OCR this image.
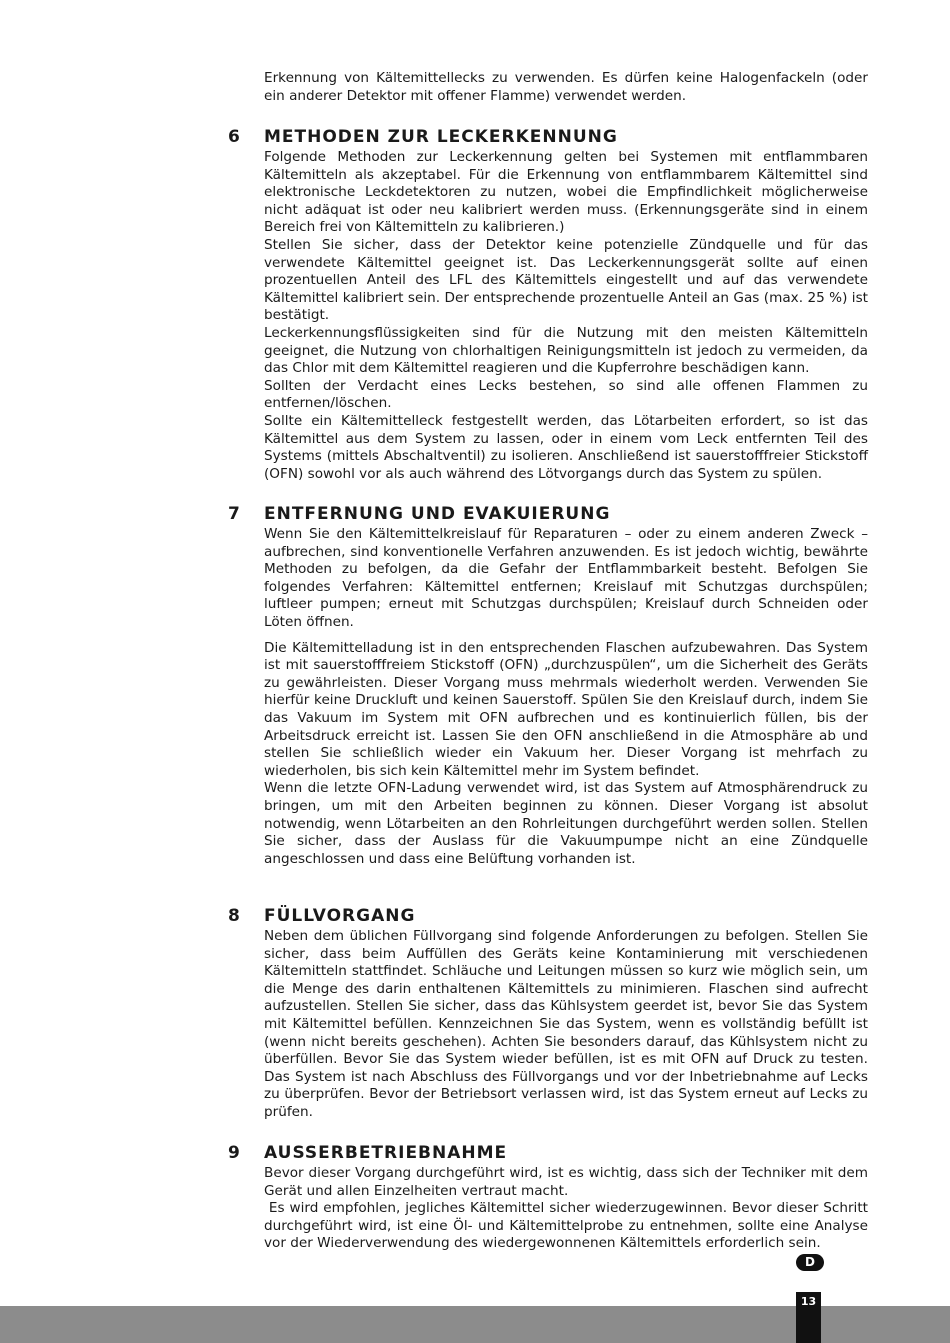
Erkennung von Kältemittellecks zu verwenden. Es dürfen keine Halogenfackeln (oder ein anderer Detektor mit offener Flamme) verwendet werden.

6 METHODEN ZUR LECKERKENNUNG

Folgende Methoden zur Leckerkennung gelten bei Systemen mit entflammbaren Kältemitteln als akzeptabel. Für die Erkennung von entflammbarem Kältemittel sind elektronische Leckdetektoren zu nutzen, wobei die Empfindlichkeit möglicherweise nicht adäquat ist oder neu kalibriert werden muss. (Erkennungsgeräte sind in einem Bereich frei von Kältemitteln zu kalibrieren.)

Stellen Sie sicher, dass der Detektor keine potenzielle Zündquelle und für das verwendete Kältemittel geeignet ist. Das Leckerkennungsgerät sollte auf einen prozentuellen Anteil des LFL des Kältemittels eingestellt und auf das verwendete Kältemittel kalibriert sein. Der entsprechende prozentuelle Anteil an Gas (max. 25 %) ist bestätigt.

Leckerkennungsflüssigkeiten sind für die Nutzung mit den meisten Kältemitteln geeignet, die Nutzung von chlorhaltigen Reinigungsmitteln ist jedoch zu vermeiden, da das Chlor mit dem Kältemittel reagieren und die Kupferrohre beschädigen kann.

Sollten der Verdacht eines Lecks bestehen, so sind alle offenen Flammen zu entfernen/löschen.

Sollte ein Kältemittelleck festgestellt werden, das Lötarbeiten erfordert, so ist das Kältemittel aus dem System zu lassen, oder in einem vom Leck entfernten Teil des Systems (mittels Abschaltventil) zu isolieren. Anschließend ist sauerstofffreier Stickstoff (OFN) sowohl vor als auch während des Lötvorgangs durch das System zu spülen.

7 ENTFERNUNG UND EVAKUIERUNG

Wenn Sie den Kältemittelkreislauf für Reparaturen – oder zu einem anderen Zweck – aufbrechen, sind konventionelle Verfahren anzuwenden. Es ist jedoch wichtig, bewährte Methoden zu befolgen, da die Gefahr der Entflammbarkeit besteht. Befolgen Sie folgendes Verfahren: Kältemittel entfernen; Kreislauf mit Schutzgas durchspülen; luftleer pumpen; erneut mit Schutzgas durchspülen; Kreislauf durch Schneiden oder Löten öffnen.

Die Kältemittelladung ist in den entsprechenden Flaschen aufzubewahren. Das System ist mit sauerstofffreiem Stickstoff (OFN) „durchzuspülen“, um die Sicherheit des Geräts zu gewährleisten. Dieser Vorgang muss mehrmals wiederholt werden. Verwenden Sie hierfür keine Druckluft und keinen Sauerstoff. Spülen Sie den Kreislauf durch, indem Sie das Vakuum im System mit OFN aufbrechen und es kontinuierlich füllen, bis der Arbeitsdruck erreicht ist. Lassen Sie den OFN anschließend in die Atmosphäre ab und stellen Sie schließlich wieder ein Vakuum her. Dieser Vorgang ist mehrfach zu wiederholen, bis sich kein Kältemittel mehr im System befindet.

Wenn die letzte OFN-Ladung verwendet wird, ist das System auf Atmosphärendruck zu bringen, um mit den Arbeiten beginnen zu können. Dieser Vorgang ist absolut notwendig, wenn Lötarbeiten an den Rohrleitungen durchgeführt werden sollen. Stellen Sie sicher, dass der Auslass für die Vakuumpumpe nicht an eine Zündquelle angeschlossen und dass eine Belüftung vorhanden ist.

8 FÜLLVORGANG

Neben dem üblichen Füllvorgang sind folgende Anforderungen zu befolgen. Stellen Sie sicher, dass beim Auffüllen des Geräts keine Kontaminierung mit verschiedenen Kältemitteln stattfindet. Schläuche und Leitungen müssen so kurz wie möglich sein, um die Menge des darin enthaltenen Kältemittels zu minimieren. Flaschen sind aufrecht aufzustellen. Stellen Sie sicher, dass das Kühlsystem geerdet ist, bevor Sie das System mit Kältemittel befüllen. Kennzeichnen Sie das System, wenn es vollständig befüllt ist (wenn nicht bereits geschehen). Achten Sie besonders darauf, das Kühlsystem nicht zu überfüllen. Bevor Sie das System wieder befüllen, ist es mit OFN auf Druck zu testen. Das System ist nach Abschluss des Füllvorgangs und vor der Inbetriebnahme auf Lecks zu überprüfen. Bevor der Betriebsort verlassen wird, ist das System erneut auf Lecks zu prüfen.

9 AUSSERBETRIEBNAHME

Bevor dieser Vorgang durchgeführt wird, ist es wichtig, dass sich der Techniker mit dem Gerät und allen Einzelheiten vertraut macht.

Es wird empfohlen, jegliches Kältemittel sicher wiederzugewinnen. Bevor dieser Schritt durchgeführt wird, ist eine Öl- und Kältemittelprobe zu entnehmen, sollte eine Analyse vor der Wiederverwendung des wiedergewonnenen Kältemittels erforderlich sein.

D
13
